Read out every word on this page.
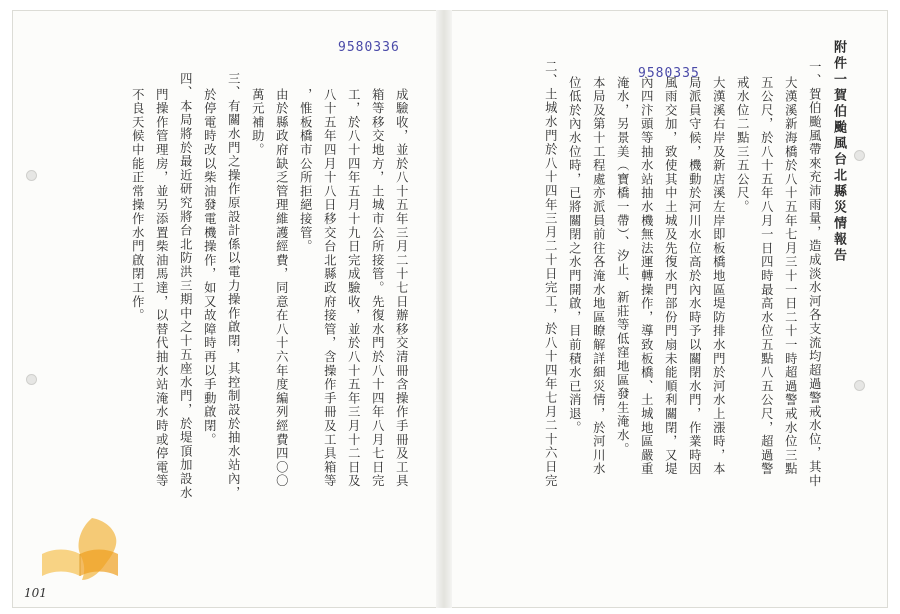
9580336
成驗收，並於八十五年三月二十七日辦移交清冊含操作手冊及工具
箱等移交地方，土城市公所接管。先復水門於八十四年八月七日完
工，於八十四年五月十九日完成驗收，並於八十五年三月十二日及
八十五年四月十八日移交台北縣政府接管，含操作手冊及工具箱等
，惟板橋市公所拒絕接管。
由於縣政府缺乏管理維護經費，同意在八十六年度編列經費四〇〇
萬元補助。
三、有關水門之操作原設計係以電力操作啟閉，其控制設於抽水站內，
於停電時改以柴油發電機操作，如又故障時再以手動啟閉。
四、本局將於最近研究將台北防洪三期中之十五座水門，於堤頂加設水
門操作管理房，並另添置柴油馬達，以替代抽水站淹水時或停電等
不良天候中能正常操作水門啟閉工作。	附件一賀伯颱風台北縣災情報告
9580335	一、賀伯颱風帶來充沛雨量，造成淡水河各支流均超過警戒水位，其中
大漢溪新海橋於八十五年七月三十一日二十一時超過警戒水位三點
五公尺，於八十五年八月一日四時最高水位五點八五公尺，超過警
戒水位二點三五公尺。
大漢溪右岸及新店溪左岸即板橋地區堤防排水門於河水上漲時，本
局派員守候，機動於河川水位高於內水時予以關閉水門，作業時因
風雨交加，致使其中土城及先復水門部份門扇未能順利關閉，又堤
內四汴頭等抽水站抽水機無法運轉操作，導致板橋、土城地區嚴重
淹水，另景美（寶橋一帶）、汐止、新莊等低窪地區發生淹水。
本局及第十工程處亦派員前往各淹水地區瞭解詳細災情，於河川水
位低於內水位時，已將關閉之水門開啟，目前積水已消退。
二、土城水門於八十四年三月二十日完工，於八十四年七月二十六日完
101
